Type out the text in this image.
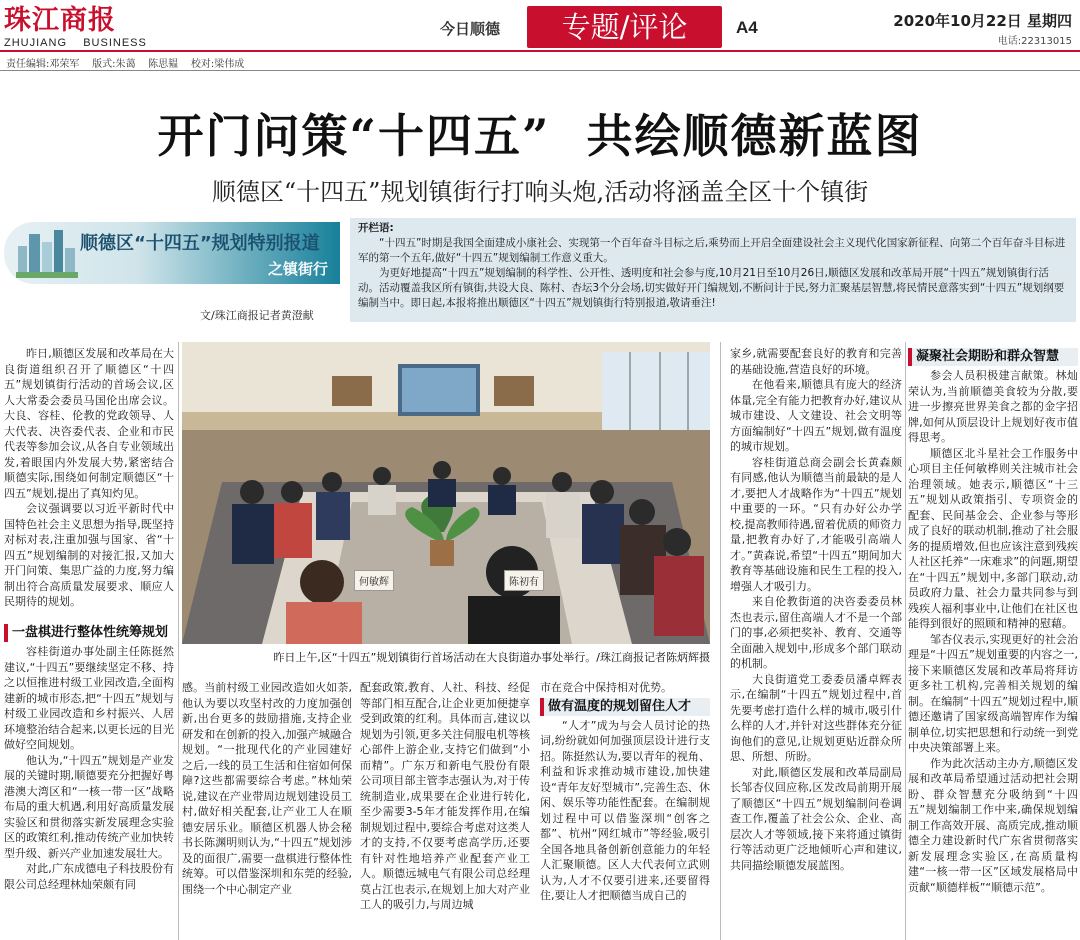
珠江商报
ZHUJIANG    BUSINESS
今日顺德	专题/评论	A4	2020年10月22日 星期四
电话:22313015
责任编辑:邓荣军    版式:朱蔼    陈思韫    校对:梁伟成
开门问策“十四五”  共绘顺德新蓝图
顺德区“十四五”规划镇街行打响头炮,活动将涵盖全区十个镇街
顺德区“十四五”规划特别报道
之镇街行
开栏语:

“十四五”时期是我国全面建成小康社会、实现第一个百年奋斗目标之后,乘势而上开启全面建设社会主义现代化国家新征程、向第二个百年奋斗目标进军的第一个五年,做好“十四五”规划编制工作意义重大。

为更好地提高“十四五”规划编制的科学性、公开性、透明度和社会参与度,10月21日至10月26日,顺德区发展和改革局开展“十四五”规划镇街行活动。活动覆盖我区所有镇街,共设大良、陈村、杏坛3个分会场,切实做好开门编规划,不断问计于民,努力汇聚基层智慧,将民情民意落实到“十四五”规划纲要编制当中。即日起,本报将推出顺德区“十四五”规划镇街行特别报道,敬请垂注!

文/珠江商报记者黄澄献

昨日,顺德区发展和改革局在大良街道组织召开了顺德区“十四五”规划镇街行活动的首场会议,区人大常委会委员马国伦出席会议。大良、容桂、伦教的党政领导、人大代表、决咨委代表、企业和市民代表等参加会议,从各自专业领域出发,着眼国内外发展大势,紧密结合顺德实际,围绕如何制定顺德区“十四五”规划,提出了真知灼见。

会议强调要以习近平新时代中国特色社会主义思想为指导,既坚持对标对表,注重加强与国家、省“十四五”规划编制的对接汇报,又加大开门问策、集思广益的力度,努力编制出符合高质量发展要求、顺应人民期待的规划。

一盘棋进行整体性统筹规划

容桂街道办事处副主任陈挺然建议,“十四五”要继续坚定不移、持之以恒推进村级工业园改造,全面构建新的城市形态,把“十四五”规划与村级工业园改造和乡村振兴、人居环境整治结合起来,以更长远的目光做好空间规划。

他认为,“十四五”规划是产业发展的关键时期,顺德要充分把握好粤港澳大湾区和“一核一带一区”战略布局的重大机遇,利用好高质量发展实验区和贯彻落实新发展理念实验区的政策红利,推动传统产业加快转型升级、新兴产业加速发展壮大。

对此,广东成德电子科技股份有限公司总经理林灿荣颇有同

何敏辉	陈初有
昨日上午,区“十四五”规划镇街行首场活动在大良街道办事处举行。/珠江商报记者陈炳辉摄

感。当前村级工业园改造如火如荼,他认为要以攻坚村改的力度加强创新,出台更多的鼓励措施,支持企业研发和在创新的投入,加强产城融合规划。“一批现代化的产业园建好之后,一线的员工生活和住宿如何保障?这些都需要综合考虑。”林灿荣说,建议在产业带周边规划建设员工村,做好相关配套,让产业工人在顺德安居乐业。顺德区机器人协会秘书长陈渊明则认为,“十四五”规划涉及的面很广,需要一盘棋进行整体性统筹。可以借鉴深圳和东莞的经验,围绕一个中心制定产业

配套政策,教育、人社、科技、经促等部门相互配合,让企业更加便捷享受到政策的红利。具体而言,建议以规划为引领,更多关注伺服电机等核心部件上游企业,支持它们做到“小而精”。广东万和新电气股份有限公司项目部主管李志强认为,对于传统制造业,成果要在企业进行转化,至少需要3-5年才能发挥作用,在编制规划过程中,要综合考虑对这类人才的支持,不仅要考虑高学历,还要有针对性地培养产业配套产业工人。顺德远城电气有限公司总经理莫占江也表示,在规划上加大对产业工人的吸引力,与周边城

市在竞合中保持相对优势。

做有温度的规划留住人才

“人才”成为与会人员讨论的热词,纷纷就如何加强顶层设计进行支招。陈挺然认为,要以青年的视角、利益和诉求推动城市建设,加快建设“青年友好型城市”,完善生态、休闲、娱乐等功能性配套。在编制规划过程中可以借鉴深圳“创客之都”、杭州“网红城市”等经验,吸引全国各地具备创新创意能力的年轻人汇聚顺德。区人大代表何立武则认为,人才不仅要引进来,还要留得住,要让人才把顺德当成自己的

家乡,就需要配套良好的教育和完善的基础设施,营造良好的环境。

在他看来,顺德具有庞大的经济体量,完全有能力把教育办好,建议从城市建设、人文建设、社会文明等方面编制好“十四五”规划,做有温度的城市规划。

容桂街道总商会副会长黄森颇有同感,他认为顺德当前最缺的是人才,要把人才战略作为“十四五”规划中重要的一环。“只有办好公办学校,提高教师待遇,留着优质的师资力量,把教育办好了,才能吸引高端人才。”黄森说,希望“十四五”期间加大教育等基础设施和民生工程的投入,增强人才吸引力。

来自伦教街道的决咨委委员林杰也表示,留住高端人才不是一个部门的事,必须把奖补、教育、交通等全面融入规划中,形成多个部门联动的机制。

大良街道党工委委员潘卓辉表示,在编制“十四五”规划过程中,首先要考虑打造什么样的城市,吸引什么样的人才,并针对这些群体充分征询他们的意见,让规划更贴近群众所思、所想、所盼。

对此,顺德区发展和改革局副局长邹杏仪回应称,区发改局前期开展了顺德区“十四五”规划编制问卷调查工作,覆盖了社会公众、企业、高层次人才等领域,接下来将通过镇街行等活动更广泛地倾听心声和建议,共同描绘顺德发展蓝图。

凝聚社会期盼和群众智慧

参会人员积极建言献策。林灿荣认为,当前顺德美食较为分散,要进一步擦亮世界美食之都的金字招牌,如何从顶层设计上规划好夜市值得思考。

顺德区北斗星社会工作服务中心项目主任何敏桦则关注城市社会治理领域。她表示,顺德区“十三五”规划从政策指引、专项资金的配套、民间基金会、企业参与等形成了良好的联动机制,推动了社会服务的提质增效,但也应该注意到残疾人社区托养“一床难求”的问题,期望在“十四五”规划中,多部门联动,动员政府力量、社会力量共同参与到残疾人福利事业中,让他们在社区也能得到很好的照顾和精神的慰藉。

邹杏仪表示,实现更好的社会治理是“十四五”规划重要的内容之一,接下来顺德区发展和改革局将拜访更多社工机构,完善相关规划的编制。在编制“十四五”规划过程中,顺德还邀请了国家级高端智库作为编制单位,切实把思想和行动统一到党中央决策部署上来。

作为此次活动主办方,顺德区发展和改革局希望通过活动把社会期盼、群众智慧充分吸纳到“十四五”规划编制工作中来,确保规划编制工作高效开展、高质完成,推动顺德全力建设新时代广东省贯彻落实新发展理念实验区,在高质量构建“一核一带一区”区域发展格局中贡献“顺德样板”“顺德示范”。
